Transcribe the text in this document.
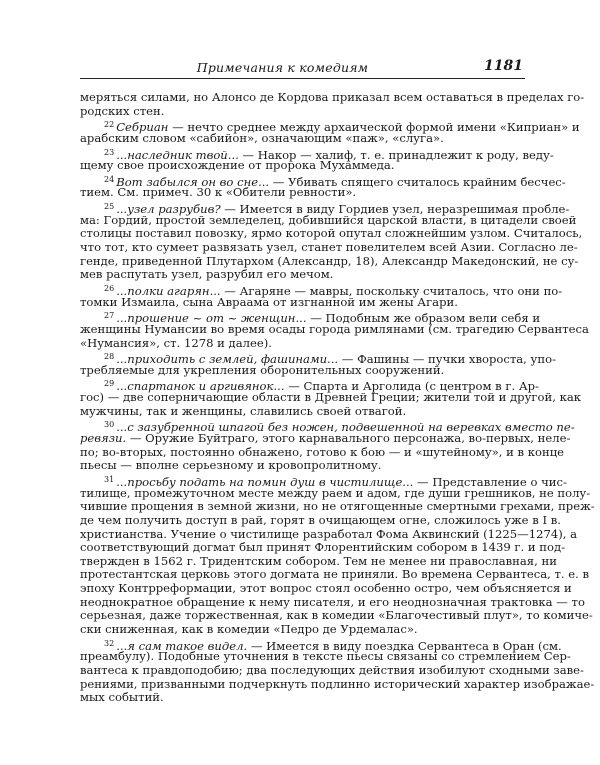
Примечания к комедиям	1181
меряться силами, но Алонсо де Кордова приказал всем оставаться в пределах го-
родских стен.
$^{22}$ Себриан — нечто среднее между архаической формой имени «Киприан» и
арабским словом «сабийон», означающим «паж», «слуга».
$^{23}$ ...наследник твой... — Накор — халиф, т. е. принадлежит к роду, веду-
щему свое происхождение от пророка Мухаммеда.
$^{24}$ Вот забылся он во сне... — Убивать спящего считалось крайним бесчес-
тием. См. примеч. 30 к «Обители ревности».
$^{25}$ ...узел разрубив? — Имеется в виду Гордиев узел, неразрешимая пробле-
ма: Гордий, простой земледелец, добившийся царской власти, в цитадели своей
столицы поставил повозку, ярмо которой опутал сложнейшим узлом. Считалось,
что тот, кто сумеет развязать узел, станет повелителем всей Азии. Согласно ле-
генде, приведенной Плутархом (Александр, 18), Александр Македонский, не су-
мев распутать узел, разрубил его мечом.
$^{26}$ ...полки агарян... — Агаряне — мавры, поскольку считалось, что они по-
томки Измаила, сына Авраама от изгнанной им жены Агари.
$^{27}$ ...прошение ~ от ~ женщин... — Подобным же образом вели себя и
женщины Нумансии во время осады города римлянами (см. трагедию Сервантеса
«Нумансия», ст. 1278 и далее).
$^{28}$ ...приходить с землей, фашинами... — Фашины — пучки хвороста, упо-
требляемые для укрепления оборонительных сооружений.
$^{29}$ ...спартанок и аргивянок... — Спарта и Арголида (с центром в г. Ар-
гос) — две соперничающие области в Древней Греции; жители той и другой, как
мужчины, так и женщины, славились своей отвагой.
$^{30}$ ...с зазубренной шпагой без ножен, подвешенной на веревках вместо пе-
ревязи. — Оружие Буйтраго, этого карнавального персонажа, во-первых, неле-
по; во-вторых, постоянно обнажено, готово к бою — и «шутейному», и в конце
пьесы — вполне серьезному и кровопролитному.
$^{31}$ ...просьбу подать на помин душ в чистилище... — Представление о чис-
тилище, промежуточном месте между раем и адом, где души грешников, не полу-
чившие прощения в земной жизни, но не отягощенные смертными грехами, преж-
де чем получить доступ в рай, горят в очищающем огне, сложилось уже в I в.
христианства. Учение о чистилище разработал Фома Аквинский (1225—1274), а
соответствующий догмат был принят Флорентийским собором в 1439 г. и под-
твержден в 1562 г. Тридентским собором. Тем не менее ни православная, ни
протестантская церковь этого догмата не приняли. Во времена Сервантеса, т. е. в
эпоху Контрреформации, этот вопрос стоял особенно остро, чем объясняется и
неоднократное обращение к нему писателя, и его неоднозначная трактовка — то
серьезная, даже торжественная, как в комедии «Благочестивый плут», то комиче-
ски сниженная, как в комедии «Педро де Урдемалас».
$^{32}$ ...я сам такое видел. — Имеется в виду поездка Сервантеса в Оран (см.
преамбулу). Подобные уточнения в тексте пьесы связаны со стремлением Сер-
вантеса к правдоподобию; два последующих действия изобилуют сходными заве-
рениями, призванными подчеркнуть подлинно исторический характер изображае-
мых событий.
